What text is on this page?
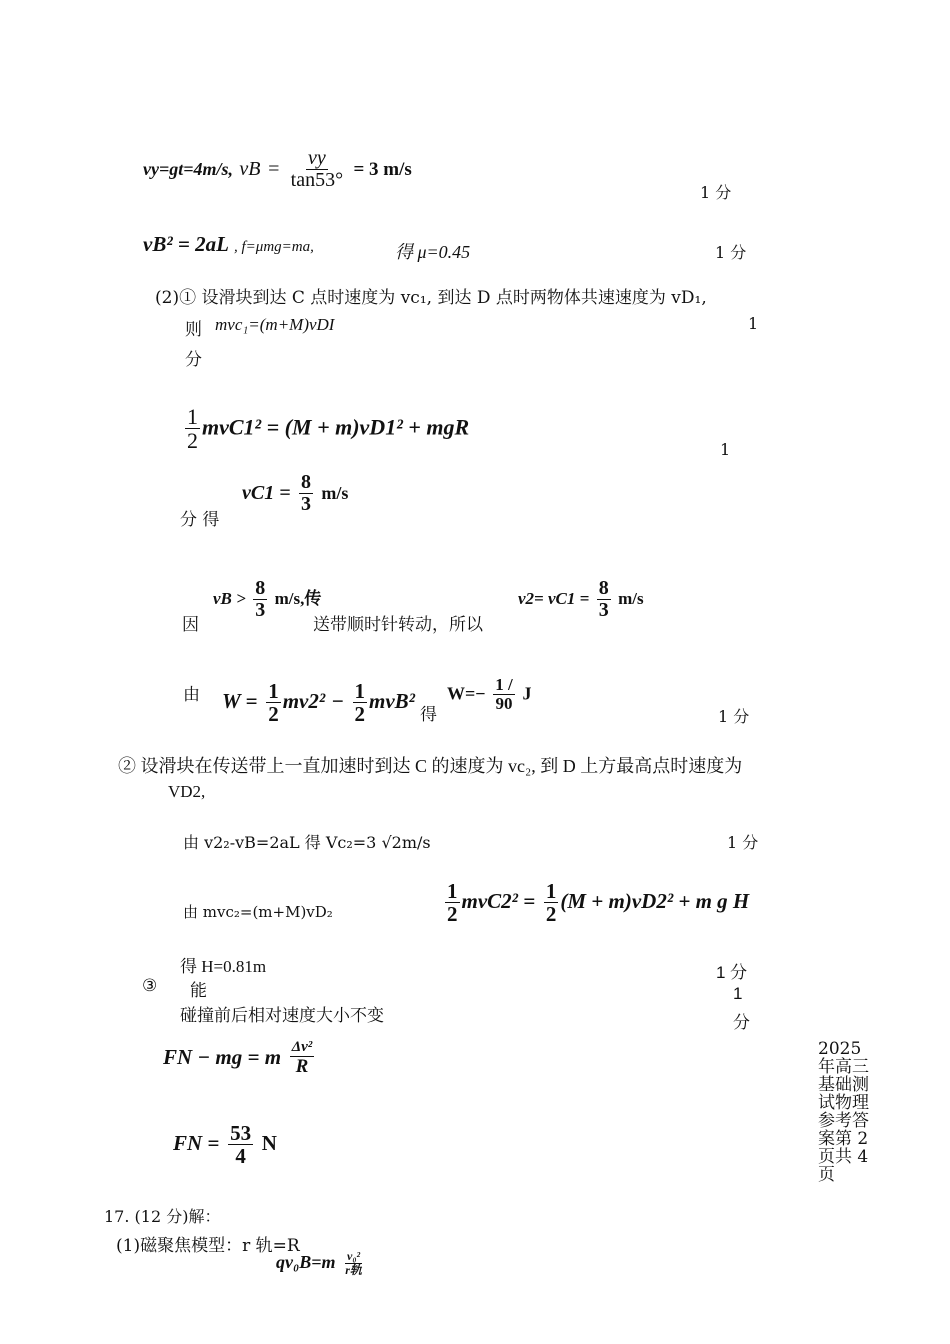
vy=gt=4m/s, vB = $\frac{vy}{\tan 53^\circ} = 3$ m/s
1 分
vB² = 2aL , f=μmg=ma,	得 μ=0.45	1 分
(2)① 设滑块到达 C 点时速度为 vc₁, 到达 D 点时两物体共速速度为 vD₁,
则 mvc₁=(m+M)vDI	1
分
$\frac{1}{2} mvC1^2 = (M + m)vD1^2$ + mgR
1
分 得
$vC1 = \frac{8}{3} m/s$
因
vB > $\frac{8}{3} m/s$,传
送带顺时针转动，所以
$v2= vC1 = \frac{8}{3} m/s$
由 $W = \frac{1}{2} mv2^2 - \frac{1}{2} mvB^2$
得
$W=- \frac{1 /}{90}$ J
1 分
② 设滑块在传送带上一直加速时到达 C 的速度为 vc₂, 到 D 上方最高点时速度为
VD2,
由 v2₂-vB=2aL 得 Vc₂=3 √2m/s	1 分
由 mvc₂=(m+M)vD₂	$\frac{1}{2} mvC2^2 = \frac{1}{2} (M + m)vD2^2 + m$ g H
得 H=0.81m	1 分
③ 能	1
分
碰撞前后相对速度大小不变
FN − mg = m $\frac{\text{Δv²}}{R}$
FN = $\frac{53}{4}$ N
2025 年高三基础测试物理参考答案第 2 页共 4 页
17. (12 分)解：
(1)磁聚焦模型：r 轨=R
$qv_0B=m \frac{\text{v₀²}}{\text{r轨}}$
